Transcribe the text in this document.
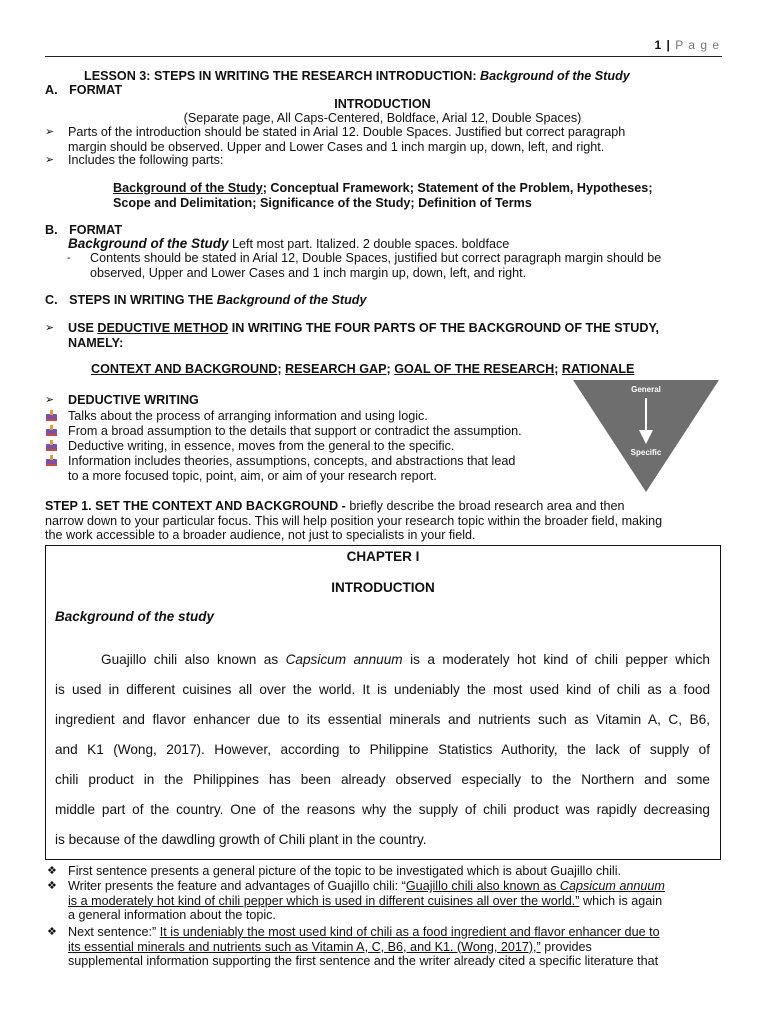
1 | P a g e
LESSON 3: STEPS IN WRITING THE RESEARCH INTRODUCTION: Background of the Study
A. FORMAT
INTRODUCTION
(Separate page, All Caps-Centered, Boldface, Arial 12, Double Spaces)
➢	Parts of the introduction should be stated in Arial 12. Double Spaces. Justified but correct paragraph
margin should be observed. Upper and Lower Cases and 1 inch margin up, down, left, and right.
➢	Includes the following parts:
Background of the Study; Conceptual Framework; Statement of the Problem, Hypotheses;
Scope and Delimitation; Significance of the Study; Definition of Terms
B. FORMAT
Background of the Study Left most part. Italized. 2 double spaces. boldface
-	Contents should be stated in Arial 12, Double Spaces, justified but correct paragraph margin should be
observed, Upper and Lower Cases and 1 inch margin up, down, left, and right.
C. STEPS IN WRITING THE Background of the Study
➢	USE DEDUCTIVE METHOD IN WRITING THE FOUR PARTS OF THE BACKGROUND OF THE STUDY,
NAMELY:
CONTEXT AND BACKGROUND; RESEARCH GAP; GOAL OF THE RESEARCH; RATIONALE
➢	DEDUCTIVE WRITING
Talks about the process of arranging information and using logic.
From a broad assumption to the details that support or contradict the assumption.
Deductive writing, in essence, moves from the general to the specific.
Information includes theories, assumptions, concepts, and abstractions that lead
to a more focused topic, point, aim, or aim of your research report.
General
Specific
STEP 1. SET THE CONTEXT AND BACKGROUND - briefly describe the broad research area and then
narrow down to your particular focus. This will help position your research topic within the broader field, making
the work accessible to a broader audience, not just to specialists in your field.
CHAPTER I
INTRODUCTION
Background of the study
Guajillo chili also known as Capsicum annuum is a moderately hot kind of chili pepper which
is used in different cuisines all over the world. It is undeniably the most used kind of chili as a food
ingredient and flavor enhancer due to its essential minerals and nutrients such as Vitamin A, C, B6,
and K1 (Wong, 2017). However, according to Philippine Statistics Authority, the lack of supply of
chili product in the Philippines has been already observed especially to the Northern and some
middle part of the country. One of the reasons why the supply of chili product was rapidly decreasing
is because of the dawdling growth of Chili plant in the country.
❖ First sentence presents a general picture of the topic to be investigated which is about Guajillo chili.
❖ Writer presents the feature and advantages of Guajillo chili: “Guajillo chili also known as Capsicum annuum
is a moderately hot kind of chili pepper which is used in different cuisines all over the world.” which is again
a general information about the topic.
❖ Next sentence:” It is undeniably the most used kind of chili as a food ingredient and flavor enhancer due to
its essential minerals and nutrients such as Vitamin A, C, B6, and K1. (Wong, 2017),” provides
supplemental information supporting the first sentence and the writer already cited a specific literature that
